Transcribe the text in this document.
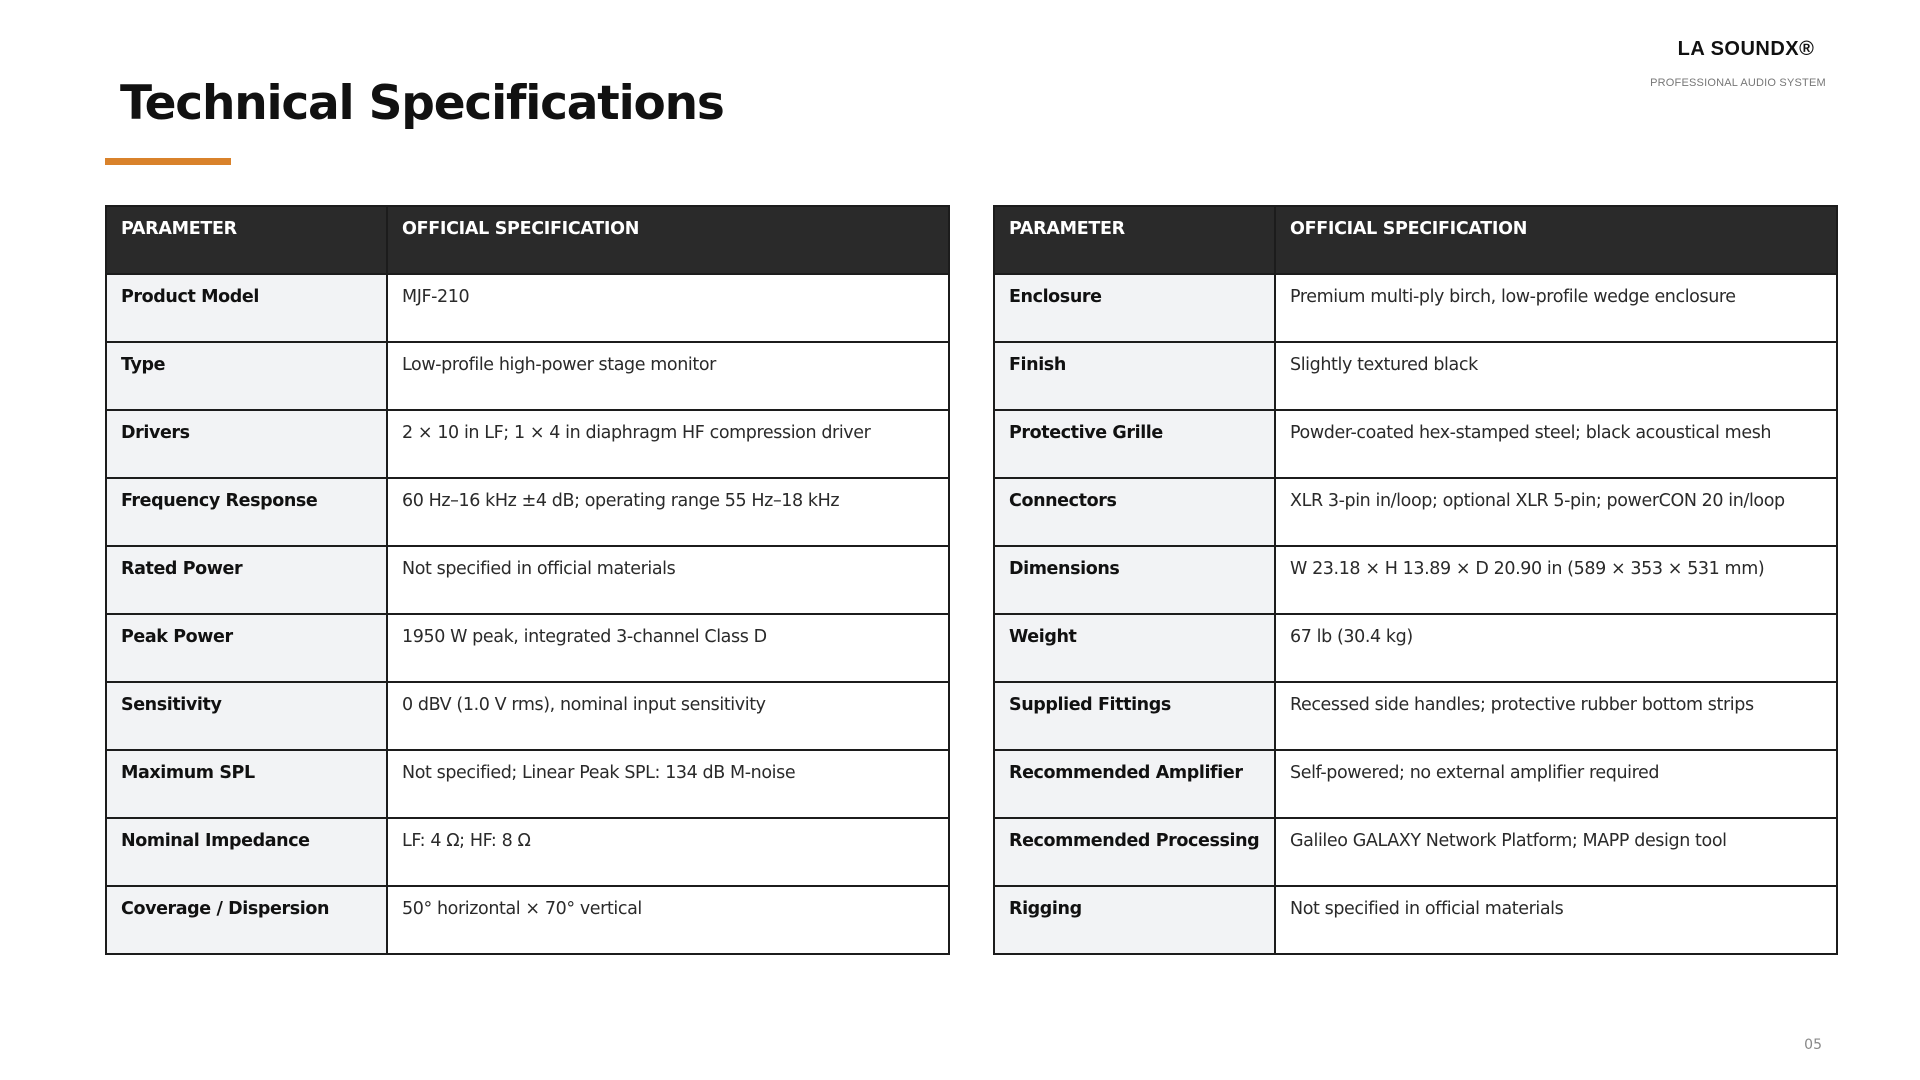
LA SOUNDX®
PROFESSIONAL AUDIO SYSTEM
Technical Specifications
PARAMETER	OFFICIAL SPECIFICATION
Product Model	MJF-210
Type	Low-profile high-power stage monitor
Drivers	2 × 10 in LF; 1 × 4 in diaphragm HF compression driver
Frequency Response	60 Hz–16 kHz ±4 dB; operating range 55 Hz–18 kHz
Rated Power	Not specified in official materials
Peak Power	1950 W peak, integrated 3-channel Class D
Sensitivity	0 dBV (1.0 V rms), nominal input sensitivity
Maximum SPL	Not specified; Linear Peak SPL: 134 dB M-noise
Nominal Impedance	LF: 4 Ω; HF: 8 Ω
Coverage / Dispersion	50° horizontal × 70° vertical
PARAMETER	OFFICIAL SPECIFICATION
Enclosure	Premium multi-ply birch, low-profile wedge enclosure
Finish	Slightly textured black
Protective Grille	Powder-coated hex-stamped steel; black acoustical mesh
Connectors	XLR 3-pin in/loop; optional XLR 5-pin; powerCON 20 in/loop
Dimensions	W 23.18 × H 13.89 × D 20.90 in (589 × 353 × 531 mm)
Weight	67 lb (30.4 kg)
Supplied Fittings	Recessed side handles; protective rubber bottom strips
Recommended Amplifier	Self-powered; no external amplifier required
Recommended Processing	Galileo GALAXY Network Platform; MAPP design tool
Rigging	Not specified in official materials
05
